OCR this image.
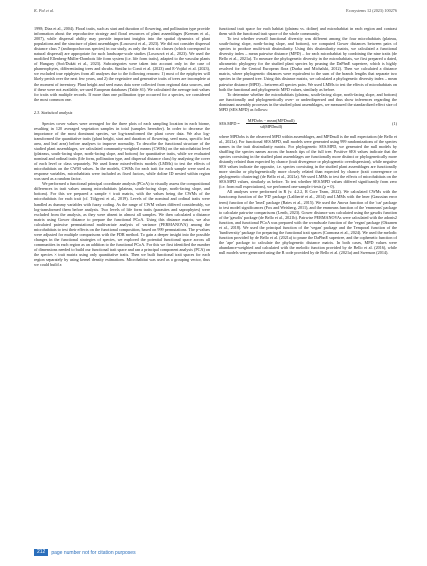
K. Pal et al.	Ecosystems 12 (2023) 100276

1998; Diaz et al., 2004). Floral traits, such as start and duration of flowering, and pollination type provide information about the reproductive strategy and floral resources of plant assemblages (Kremen et al., 2007), while dispersal ability may provide important insights into the spatial dynamics of plant populations and the structure of plant assemblages (Lososová et al., 2023). We did not consider dispersal distance class 7 (anthropochorous species) in our study, as only the first six classes (which correspond to natural dispersal) are appropriate for such landscape-scale studies (Lososová et al., 2023). We used the modified Ellenberg-Müller-Dombois life form system (i.e. life form traits), adapted to the vascular plants of Hungary (Soó/Dukát et al., 2023). Subcategories were taken into account only in the case of phanerophytes, differentiating trees and shrubs. Similar to Conti et al. (2023) and E-Vojtkó et al. (2023), we excluded true epiphytes from all analyses due to the following reasons: 1) most of the epiphytes will likely perish over the next few years, and 2) the vegetative and generative traits of trees are incomplete at the moment of inventory. Plant height and seed mass data were collected from regional data sources, and if these were not available, we used European databases (Table S1). We calculated the average trait values for traits with multiple records. If more than one pollination type occurred for a species, we considered the most common one.

2.3. Statistical analysis

Species cover values were averaged for the three plots of each sampling location in each biome, resulting in 120 averaged vegetation samples in total (samples hereafter). In order to decrease the importance of the most dominant species, we log-transformed the plant cover data. We also log-transformed the quantitative traits (plant height, start and duration of flowering, seed mass, specific leaf area, and leaf area) before analyses to improve normality. To describe the functional structure of the studied plant assemblages, we calculated community-weighted means (CWMs) on the microhabitat level (plateaus, south-facing slope, north-facing slope, and bottom) for quantitative traits, while we evaluated nominal and ordinal traits (life form, pollination type, and dispersal distance class) by analysing the cover of each level or class separately. We used linear mixed-effects models (LMMs) to test the effects of microhabitats on the CWM values. In the models, CWMs for each trait for each sample were used as response variables, microhabitats were included as fixed factors, while doline ID nested within region was used as a random factor.

We performed a functional principal coordinate analysis (PCoA) to visually assess the compositional differences in trait values among microhabitats (plateau, south-facing slope, north-facing slope, and bottom). For this we prepared a sample × trait matrix, with the values being the CWMs of the microhabitats for each trait (cf. Tölgyesi et al., 2019). Levels of the nominal and ordinal traits were handled as dummy variables with fuzzy coding. As the range of CWM values differed considerably, we log-transformed them before analysis. Two levels of life form traits (parasites and saprophytes) were excluded from the analysis, as they were absent in almost all samples. We then calculated a distance matrix using Gower distance to prepare the functional PCoA. Using this distance matrix, we also calculated pairwise permutational multivariate analysis of variance (PERMANOVA) among the microhabitats to test their effects on the functional composition, based on 999 permutations. The p-values were adjusted for multiple comparisons with the FDR method. To gain a deeper insight into the possible changes in the functional strategies of species, we explored the potential functional space across all communities in each region as an addition to the functional PCoA. For this we first identified the number of dimensions needed to build our functional trait space and ran a principal component analysis (PCA) on the species × trait matrix using only quantitative traits. Then we built functional trait spaces for each region separately by using kernel density estimations. Microhabitat was used as a grouping vector, thus we could build a

functional trait space for each habitat (plateau vs. doline) and microhabitat in each region and contrast them with the functional trait space of the whole community.

To test whether overall functional diversity was different among the four microhabitats (plateau, south-facing slope, north-facing slope, and bottom), we computed Gower distances between pairs of species to produce multi-trait dissimilarity. Using this dissimilarity matrix, we calculated a functional diversity index – mean pairwise distance (MPD) – for each microhabitat by combining the nine traits (de Bello et al., 2021a). To measure the phylogenetic diversity in the microhabitats, we first prepared a dated, ultrametric phylogeny for the studied plant species by pruning the DaPhnE supertree, which is highly resolved for the Central European flora (Durka and Michalski, 2012). Then we calculated a distance matrix, where phylogenetic distances were equivalent to the sum of the branch lengths that separate two species in the pruned tree. Using this distance matrix, we calculated a phylogenetic diversity index – mean pairwise distance (MPD) – between all species pairs. We used LMMs to test the effects of microhabitats on both the functional and phylogenetic MPD values, similarly as before.

To determine whether the microhabitats (plateau, south-facing slope, north-facing slope, and bottom) are functionally and phylogenetically over- or underdispersed and thus show inferences regarding the dominant assembly processes in the studied plant assemblages, we measured the standardized effect size of MPD (SES.MPD) as follows:

$SES.MPD = \frac{\text{MPDobs − mean(MPDnull)}}{\text{sd(MPDnull)}}$	(1)

where MPDobs is the observed MPD within assemblages, and MPDnull is the null expectation (de Bello et al., 2021a). For functional SES.MPD, null models were generated using 999 randomizations of the species names in the trait dissimilarity matrix. For phylogenetic SES.MPD, we generated the null models by shuffling the species names across the branch tips of the full tree. Positive SES values indicate that the species coexisting in the studied plant assemblages are functionally more distinct or phylogenetically more distantly related than expected by chance (trait divergence or phylogenetic overdispersion), while negative SES values indicate the opposite, i.e. species coexisting in the studied plant assemblages are functionally more similar or phylogenetically more closely related than expected by chance (trait convergence or phylogenetic clustering) (de Bello et al., 2021a). We used LMMs to test the effects of microhabitats on the SES.MPD values, similarly as before. To test whether SES.MPD values differed significantly from zero (i.e. from null expectations), we performed one-sample t-tests (μ = 0).

All analyses were performed in R (v. 4.2.2, R Core Team, 2022). We calculated CWMs with the functcomp function of the 'FD' package (Laliberté et al., 2014) and LMMs with the lmer (Gaussian error term) function of the 'lme4' package (Bates et al., 2015). We used the Anova function of the 'car' package to test model significances (Fox and Weisberg, 2011), and the emmeans function of the 'emmeans' package to calculate pairwise comparisons (Lenth, 2023). Gower distance was calculated using the gawdis function of the 'gawdis' package (de Bello et al., 2021b). Pairwise PERMANOVAs were calculated with the adonis2 function, and functional PCoA was prepared with the wcmdscale function of the 'vegan' package (Oksanen et al., 2018). We used the principal function of the 'vegan' package and the Temporal function of the 'fundiversity' package for preparing the functional trait spaces (Carmona et al., 2024). We used the melodic function provided by de Bello et al. (2021a) to prune the DaPhnE supertree, and the cophenetic function of the 'ape' package to calculate the phylogenetic distance matrix. In both cases, MPD values were abundance-weighted and calculated with the melodic function provided by de Bello et al. (2016), while null models were generated using the R code provided by de Bello et al. (2021a) and Swenson (2014).

212	page number not for citation purposes
